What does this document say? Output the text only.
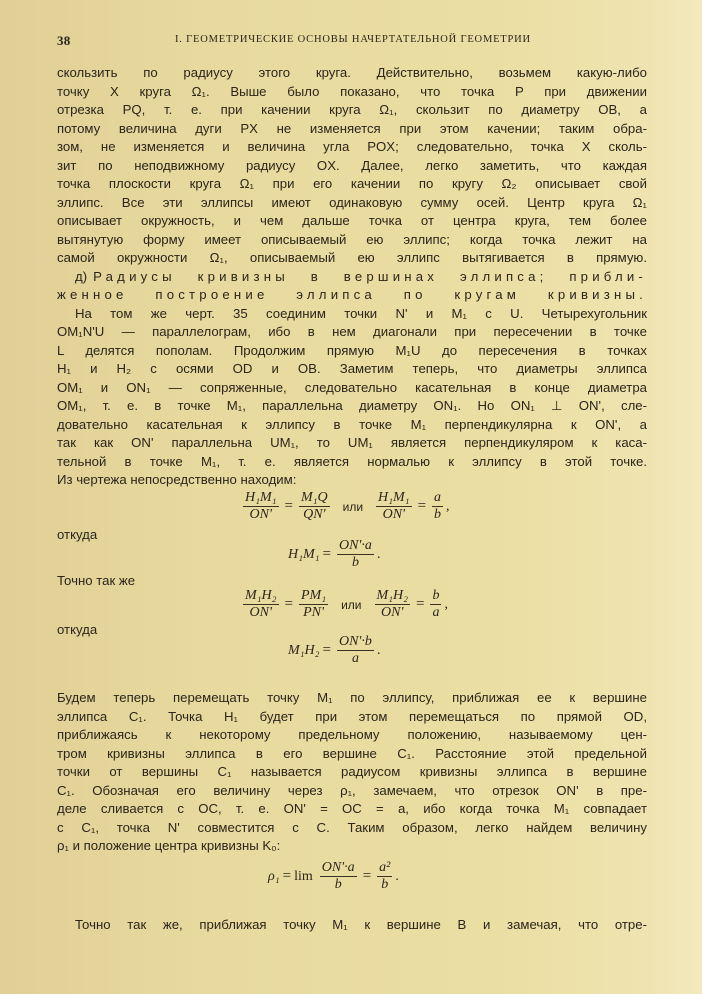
38	I. ГЕОМЕТРИЧЕСКИЕ ОСНОВЫ НАЧЕРТАТЕЛЬНОЙ ГЕОМЕТРИИ
скользить по радиусу этого круга. Действительно, возьмем какую-либо
точку X круга Ω₁. Выше было показано, что точка P при движении
отрезка PQ, т. е. при качении круга Ω₁, скользит по диаметру OB, а
потому величина дуги PX не изменяется при этом качении; таким обра-
зом, не изменяется и величина угла POX; следовательно, точка X сколь-
зит по неподвижному радиусу OX. Далее, легко заметить, что каждая
точка плоскости круга Ω₁ при его качении по кругу Ω₂ описывает свой
эллипс. Все эти эллипсы имеют одинаковую сумму осей. Центр круга Ω₁
описывает окружность, и чем дальше точка от центра круга, тем более
вытянутую форму имеет описываемый ею эллипс; когда точка лежит на
самой окружности Ω₁, описываемый ею эллипс вытягивается в прямую.
д) Радиусы кривизны в вершинах эллипса; прибли-
женное построение эллипса по кругам кривизны.
На том же черт. 35 соединим точки N' и M₁ с U. Четырехугольник
OM₁N'U — параллелограм, ибо в нем диагонали при пересечении в точке
L делятся пополам. Продолжим прямую M₁U до пересечения в точках
H₁ и H₂ с осями OD и OB. Заметим теперь, что диаметры эллипса
OM₁ и ON₁ — сопряженные, следовательно касательная в конце диаметра
OM₁, т. е. в точке M₁, параллельна диаметру ON₁. Но ON₁ ⊥ ON', сле-
довательно касательная к эллипсу в точке M₁ перпендикулярна к ON', а
так как ON' параллельна UM₁, то UM₁ является перпендикуляром к каса-
тельной в точке M₁, т. е. является нормалью к эллипсу в этой точке.
Из чертежа непосредственно находим:
$\frac{\text{H₁M₁}}{ON'} = \frac{\text{M₁Q}}{QN'}$ или $\frac{\text{H₁M₁}}{ON'} = \frac{a}{b}$ ,
откуда
$H_1M_1 = \frac{ON'\cdot a}{b}$ .
Точно так же
$\frac{\text{M₁H₂}}{ON'} = \frac{\text{PM₁}}{PN'}$ или $\frac{\text{M₁H₂}}{ON'} = \frac{b}{a}$ ,
откуда
$M_1H_2 = \frac{ON'\cdot b}{a}$ .
Будем теперь перемещать точку M₁ по эллипсу, приближая ее к вершине
эллипса C₁. Точка H₁ будет при этом перемещаться по прямой OD,
приближаясь к некоторому предельному положению, называемому цен-
тром кривизны эллипса в его вершине C₁. Расстояние этой предельной
точки от вершины C₁ называется радиусом кривизны эллипса в вершине
C₁. Обозначая его величину через ρ₁, замечаем, что отрезок ON' в пре-
деле сливается с OC, т. е. ON' = OC = a, ибо когда точка M₁ совпадает
с C₁, точка N' совместится с C. Таким образом, легко найдем величину
ρ₁ и положение центра кривизны K₀:
$\rho_1 = \lim \frac{ON'\cdot a}{b} = \frac{\text{a²}}{b}$ .
Точно так же, приближая точку M₁ к вершине B и замечая, что отре-
